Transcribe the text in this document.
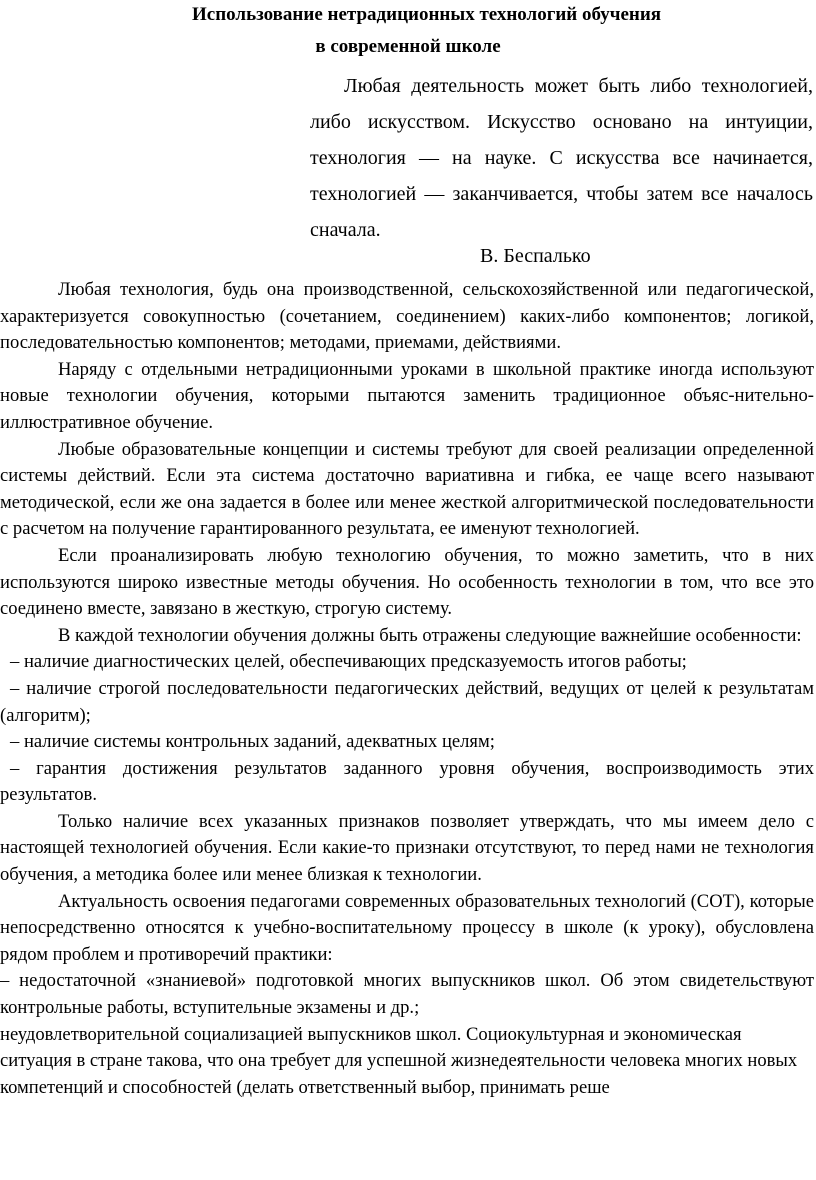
Использование нетрадиционных технологий обучения
в современной школе
Любая деятельность может быть либо технологией, либо искусством. Искусство основано на интуиции, технология — на науке. С искусства все начинается, технологией — заканчивается, чтобы затем все началось сначала.
В. Беспалько

Любая технология, будь она производственной, сельскохозяйственной или педагогической, характеризуется совокупностью (сочетанием, соединением) каких-либо компонентов; логикой, последовательностью компонентов; методами, приемами, действиями.

Наряду с отдельными нетрадиционными уроками в школьной практике иногда используют новые технологии обучения, которыми пытаются заменить традиционное объяс-нительно-иллюстративное обучение.

Любые образовательные концепции и системы требуют для своей реализации определенной системы действий. Если эта система достаточно вариативна и гибка, ее чаще всего называют методической, если же она задается в более или менее жесткой алгоритмической последовательности с расчетом на получение гарантированного результата, ее именуют технологией.

Если проанализировать любую технологию обучения, то можно заметить, что в них используются широко известные методы обучения. Но особенность технологии в том, что все это соединено вместе, завязано в жесткую, строгую систему.

В каждой технологии обучения должны быть отражены следующие важнейшие особенности:

– наличие диагностических целей, обеспечивающих предсказуемость итогов работы;

– наличие строгой последовательности педагогических действий, ведущих от целей к результатам (алгоритм);

– наличие системы контрольных заданий, адекватных целям;

– гарантия достижения результатов заданного уровня обучения, воспроизводимость этих результатов.

Только наличие всех указанных признаков позволяет утверждать, что мы имеем дело с настоящей технологией обучения. Если какие-то признаки отсутствуют, то перед нами не технология обучения, а методика более или менее близкая к технологии.

Актуальность освоения педагогами современных образовательных технологий (СОТ), которые непосредственно относятся к учебно-воспитательному процессу в школе (к уроку), обусловлена рядом проблем и противоречий практики:

– недостаточной «знаниевой» подготовкой многих выпускников школ. Об этом свидетельствуют контрольные работы, вступительные экзамены и др.;

неудовлетворительной социализацией выпускников школ. Социокультурная и экономическая ситуация в стране такова, что она требует для успешной жизнедеятельности человека многих новых компетенций и способностей (делать ответственный выбор, принимать реше
